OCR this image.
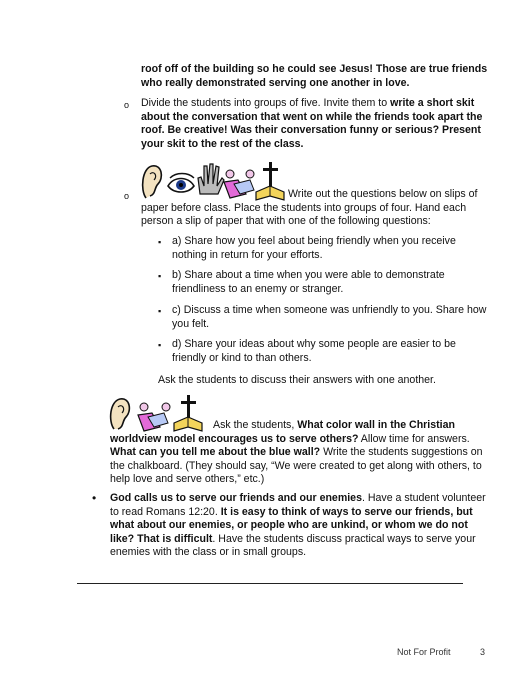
roof off of the building so he could see Jesus! Those are true friends
who really demonstrated serving one another in love.
o Divide the students into groups of five. Invite them to write a short skit
about the conversation that went on while the friends took apart the
roof. Be creative! Was their conversation funny or serious? Present
your skit to the rest of the class.
o	Write out the questions below on slips of
paper before class. Place the students into groups of four. Hand each
person a slip of paper that with one of the following questions:
▪ a) Share how you feel about being friendly when you receive
nothing in return for your efforts.
▪ b) Share about a time when you were able to demonstrate
friendliness to an enemy or stranger.
▪ c) Discuss a time when someone was unfriendly to you. Share how
you felt.
▪ d) Share your ideas about why some people are easier to be
friendly or kind to than others.
Ask the students to discuss their answers with one another.
Ask the students, What color wall in the Christian
worldview model encourages us to serve others? Allow time for answers.
What can you tell me about the blue wall? Write the students suggestions on
the chalkboard. (They should say, “We were created to get along with others, to
help love and serve others,” etc.)
• God calls us to serve our friends and our enemies. Have a student volunteer
to read Romans 12:20. It is easy to think of ways to serve our friends, but
what about our enemies, or people who are unkind, or whom we do not
like? That is difficult. Have the students discuss practical ways to serve your
enemies with the class or in small groups.
Not For Profit	3
